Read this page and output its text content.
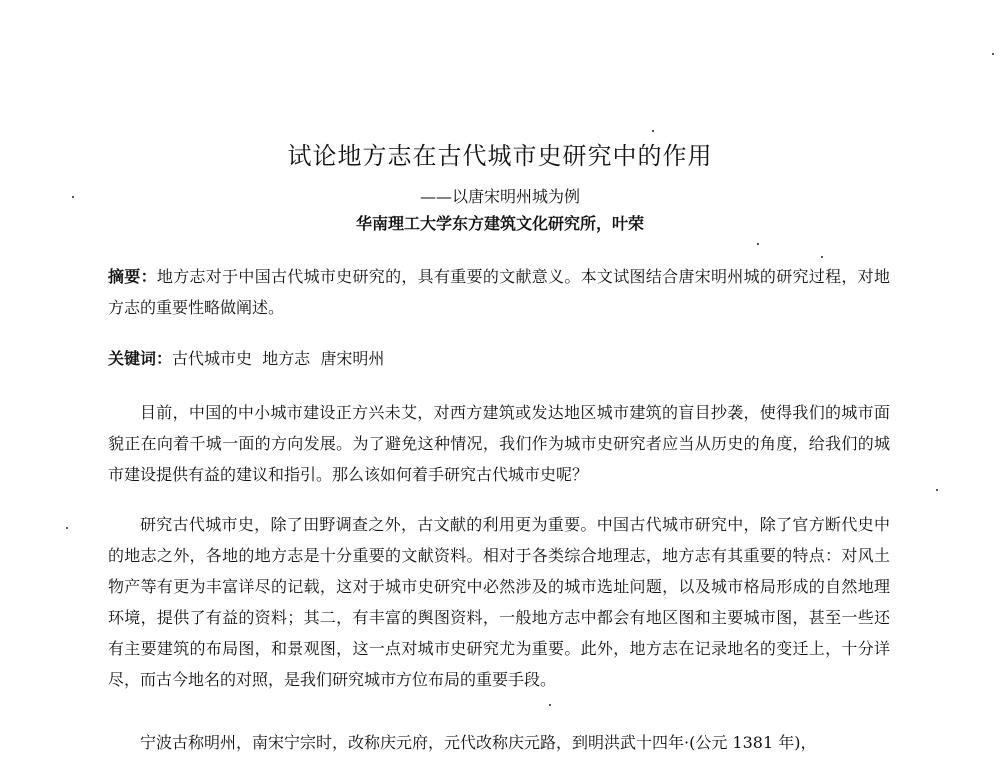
试论地方志在古代城市史研究中的作用
——以唐宋明州城为例
华南理工大学东方建筑文化研究所，叶荣

摘要：地方志对于中国古代城市史研究的，具有重要的文献意义。本文试图结合唐宋明州城的研究过程，对地方志的重要性略做阐述。

关键词：古代城市史  地方志  唐宋明州

目前，中国的中小城市建设正方兴未艾，对西方建筑或发达地区城市建筑的盲目抄袭，使得我们的城市面貌正在向着千城一面的方向发展。为了避免这种情况，我们作为城市史研究者应当从历史的角度，给我们的城市建设提供有益的建议和指引。那么该如何着手研究古代城市史呢？

研究古代城市史，除了田野调查之外，古文献的利用更为重要。中国古代城市研究中，除了官方断代史中的地志之外，各地的地方志是十分重要的文献资料。相对于各类综合地理志，地方志有其重要的特点：对风土物产等有更为丰富详尽的记载，这对于城市史研究中必然涉及的城市选址问题，以及城市格局形成的自然地理环境，提供了有益的资料；其二，有丰富的舆图资料，一般地方志中都会有地区图和主要城市图，甚至一些还有主要建筑的布局图，和景观图，这一点对城市史研究尤为重要。此外，地方志在记录地名的变迁上，十分详尽，而古今地名的对照，是我们研究城市方位布局的重要手段。

宁波古称明州，南宋宁宗时，改称庆元府，元代改称庆元路，到明洪武十四年·(公元 1381 年)，
